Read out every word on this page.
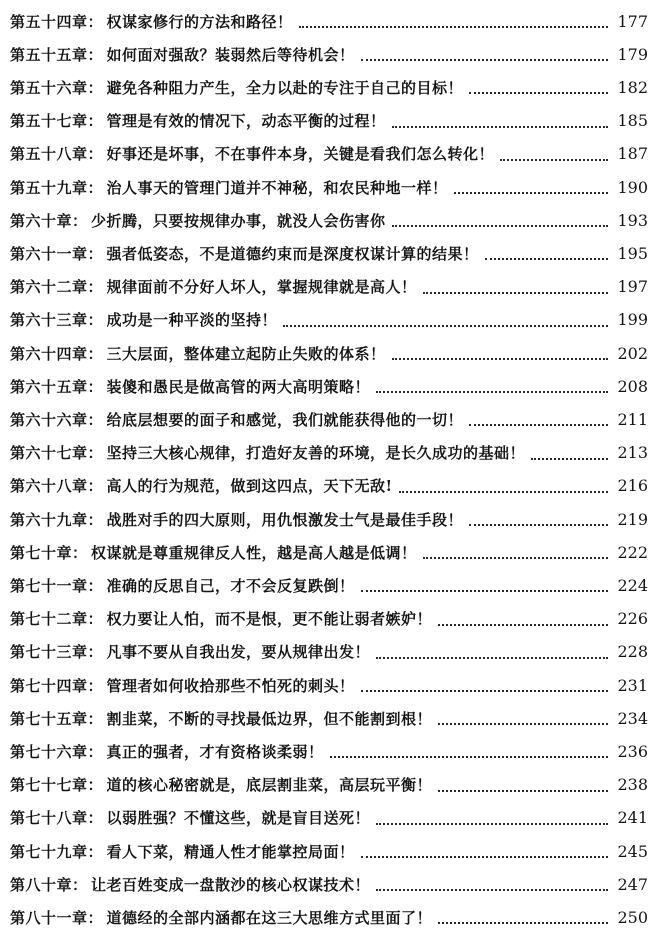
第五十四章 ： 权谋家修行的方法和路径！	177
第五十五章 ： 如何面对强敌？装弱然后等待机会！	179
第五十六章 ： 避免各种阻力产生，全力以赴的专注于自己的目标！	182
第五十七章 ： 管理是有效的情况下，动态平衡的过程！	185
第五十八章 ： 好事还是坏事，不在事件本身，关键是看我们怎么转化！	187
第五十九章 ： 治人事天的管理门道并不神秘，和农民种地一样！	190
第六十章 ： 少折腾，只要按规律办事，就没人会伤害你	193
第六十一章 ： 强者低姿态，不是道德约束而是深度权谋计算的结果！	195
第六十二章 ： 规律面前不分好人坏人，掌握规律就是高人！	197
第六十三章 ： 成功是一种平淡的坚持！	199
第六十四章 ： 三大层面，整体建立起防止失败的体系！	202
第六十五章 ： 装傻和愚民是做高管的两大高明策略！	208
第六十六章 ： 给底层想要的面子和感觉，我们就能获得他的一切！	211
第六十七章 ： 坚持三大核心规律，打造好友善的环境，是长久成功的基础！	213
第六十八章 ： 高人的行为规范，做到这四点，天下无敌!	216
第六十九章 ： 战胜对手的四大原则，用仇恨激发士气是最佳手段！	219
第七十章 ： 权谋就是尊重规律反人性，越是高人越是低调！	222
第七十一章 ： 准确的反思自己，才不会反复跌倒！	224
第七十二章 ： 权力要让人怕，而不是恨，更不能让弱者嫉妒！	226
第七十三章 ： 凡事不要从自我出发，要从规律出发！	228
第七十四章 ： 管理者如何收拾那些不怕死的刺头！	231
第七十五章 ： 割韭菜，不断的寻找最低边界，但不能割到根！	234
第七十六章 ： 真正的强者，才有资格谈柔弱！	236
第七十七章 ： 道的核心秘密就是，底层割韭菜，高层玩平衡！	238
第七十八章 ： 以弱胜强？不懂这些，就是盲目送死！	241
第七十九章 ： 看人下菜，精通人性才能掌控局面！	245
第八十章 ： 让老百姓变成一盘散沙的核心权谋技术！	247
第八十一章 ： 道德经的全部内涵都在这三大思维方式里面了！	250
